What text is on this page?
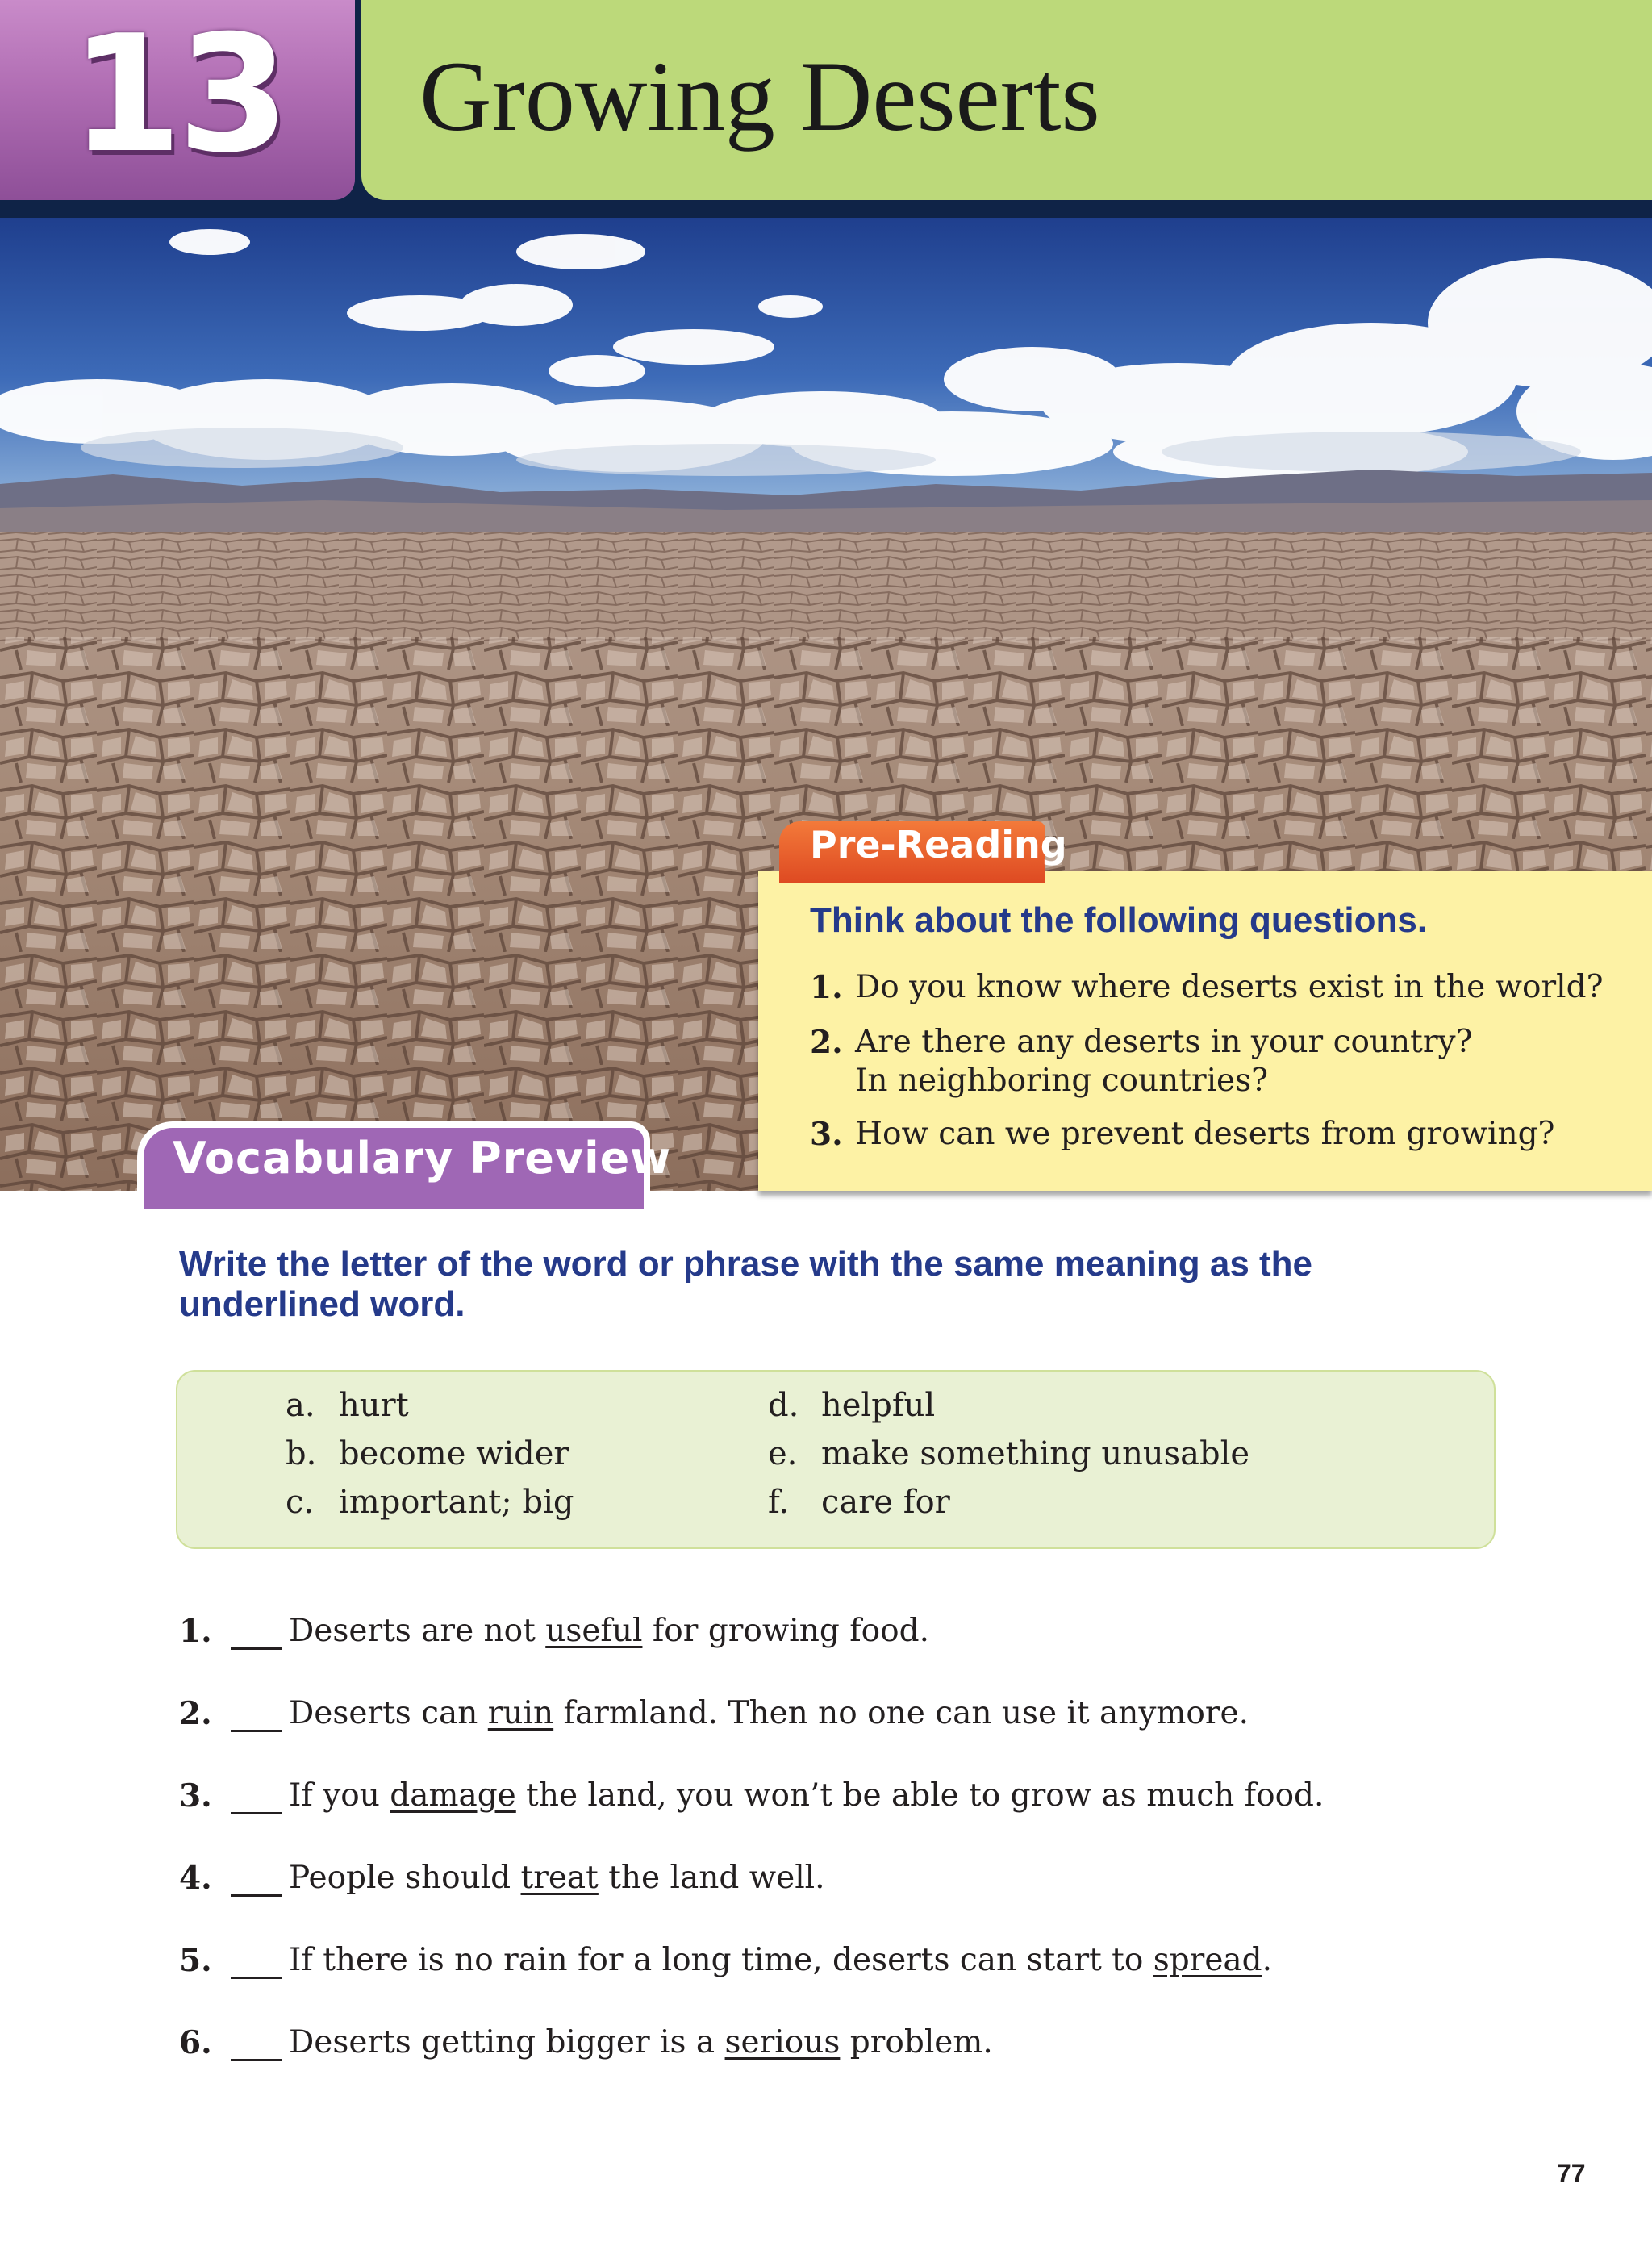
13	Growing Deserts
Pre-Reading
Think about the following questions.
1. Do you know where deserts exist in the world?
2. Are there any deserts in your country?
In neighboring countries?
3. How can we prevent deserts from growing?
Vocabulary Preview
Write the letter of the word or phrase with the same meaning as the underlined word.
a. hurt
b. become wider
c. important; big
d. helpful
e. make something unusable
f. care for
1. Deserts are not useful for growing food.
2. Deserts can ruin farmland. Then no one can use it anymore.
3. If you damage the land, you won’t be able to grow as much food.
4. People should treat the land well.
5. If there is no rain for a long time, deserts can start to spread.
6. Deserts getting bigger is a serious problem.
77
